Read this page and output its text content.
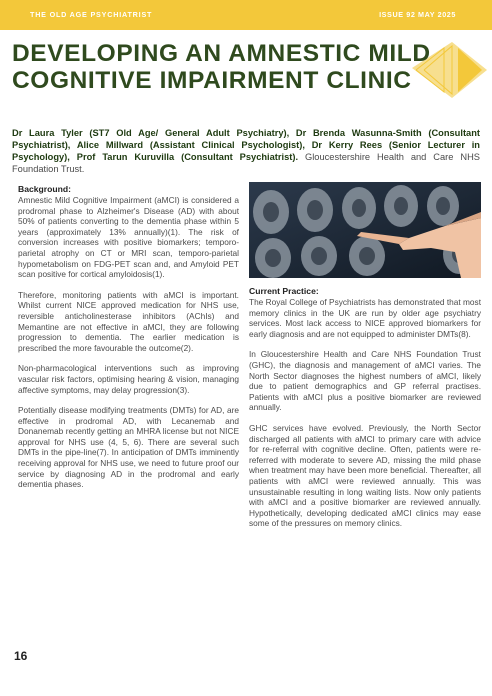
THE OLD AGE PSYCHIATRIST	ISSUE 92 MAY 2025
DEVELOPING AN AMNESTIC MILD COGNITIVE IMPAIRMENT CLINIC

Dr Laura Tyler (ST7 Old Age/ General Adult Psychiatry), Dr Brenda Wasunna-Smith (Consultant Psychiatrist), Alice Millward (Assistant Clinical Psychologist), Dr Kerry Rees (Senior Lecturer in Psychology), Prof Tarun Kuruvilla (Consultant Psychiatrist). Gloucestershire Health and Care NHS Foundation Trust.

Background:

Amnestic Mild Cognitive Impairment (aMCI) is considered a prodromal phase to Alzheimer's Disease (AD) with about 50% of patients converting to the dementia phase within 5 years (approximately 13% annually)(1). The risk of conversion increases with positive biomarkers; temporo-parietal atrophy on CT or MRI scan, temporo-parietal hypometabolism on FDG-PET scan and, and Amyloid PET scan positive for cortical amyloidosis(1).

Therefore, monitoring patients with aMCI is important. Whilst current NICE approved medication for NHS use, reversible anticholinesterase inhibitors (AChIs) and Memantine are not effective in aMCI, they are following progression to dementia. The earlier medication is prescribed the more favourable the outcome(2).

Non-pharmacological interventions such as improving vascular risk factors, optimising hearing & vision, managing affective symptoms, may delay progression(3).

Potentially disease modifying treatments (DMTs) for AD, are effective in prodromal AD, with Lecanemab and Donanemab recently getting an MHRA license but not NICE approval for NHS use (4, 5, 6). There are several such DMTs in the pipe-line(7). In anticipation of DMTs imminently receiving approval for NHS use, we need to future proof our service by diagnosing AD in the prodromal and early dementia phases.

Current Practice:

The Royal College of Psychiatrists has demonstrated that most memory clinics in the UK are run by older age psychiatry services. Most lack access to NICE approved biomarkers for early diagnosis and are not equipped to administer DMTs(8).

In Gloucestershire Health and Care NHS Foundation Trust (GHC), the diagnosis and management of aMCI varies. The North Sector diagnoses the highest numbers of aMCI, likely due to patient demographics and GP referral practises. Patients with aMCI plus a positive biomarker are reviewed annually.

GHC services have evolved. Previously, the North Sector discharged all patients with aMCI to primary care with advice for re-referral with cognitive decline. Often, patients were re-referred with moderate to severe AD, missing the mild phase when treatment may have been more beneficial. Thereafter, all patients with aMCI were reviewed annually. This was unsustainable resulting in long waiting lists. Now only patients with aMCI and a positive biomarker are reviewed annually. Hypothetically, developing dedicated aMCI clinics may ease some of the pressures on memory clinics.

16
